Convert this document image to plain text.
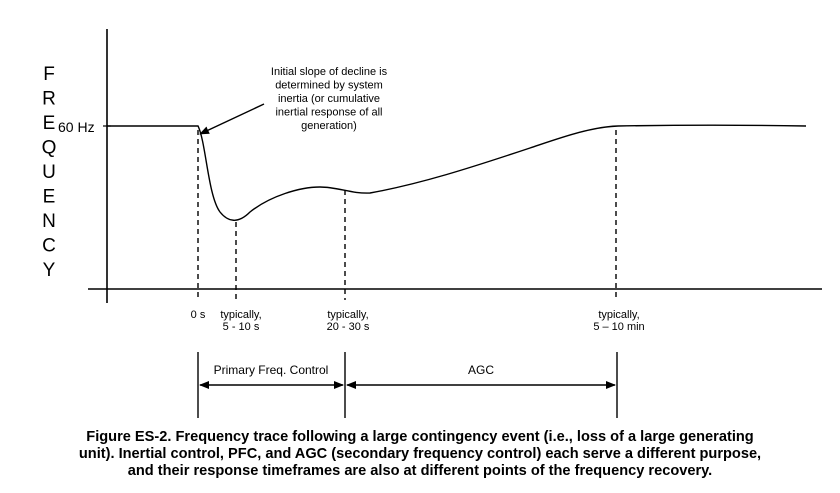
F
R
E
Q
U
E
N
C
Y
60 Hz
Initial slope of decline is
determined by system
inertia (or cumulative
inertial response of all
generation)
0 s typically,
5 - 10 s
typically,
20 - 30 s
typically,
5 – 10 min
Primary Freq. Control	AGC
Figure ES-2. Frequency trace following a large contingency event (i.e., loss of a large generating
unit). Inertial control, PFC, and AGC (secondary frequency control) each serve a different purpose,
and their response timeframes are also at different points of the frequency recovery.
